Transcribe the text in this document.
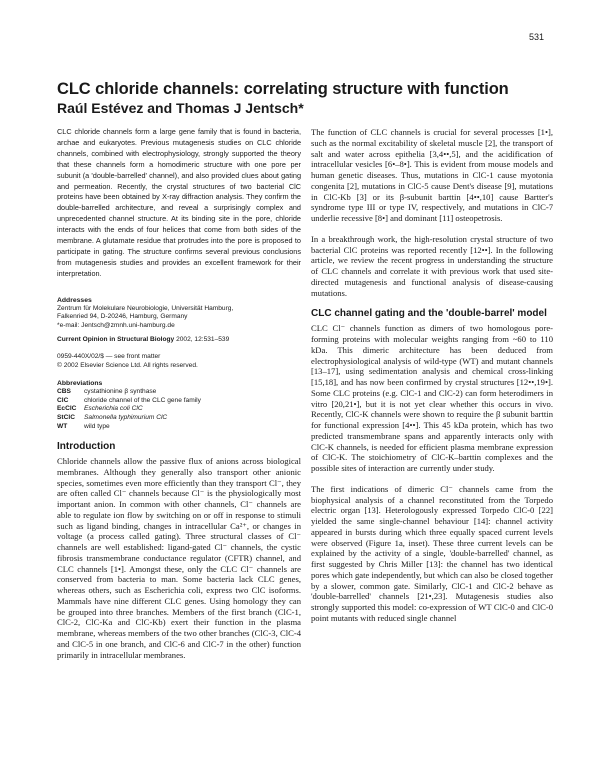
531
CLC chloride channels: correlating structure with function
Raúl Estévez and Thomas J Jentsch*

CLC chloride channels form a large gene family that is found in bacteria, archae and eukaryotes. Previous mutagenesis studies on CLC chloride channels, combined with electrophysiology, strongly supported the theory that these channels form a homodimeric structure with one pore per subunit (a 'double-barrelled' channel), and also provided clues about gating and permeation. Recently, the crystal structures of two bacterial ClC proteins have been obtained by X-ray diffraction analysis. They confirm the double-barrelled architecture, and reveal a surprisingly complex and unprecedented channel structure. At its binding site in the pore, chloride interacts with the ends of four helices that come from both sides of the membrane. A glutamate residue that protrudes into the pore is proposed to participate in gating. The structure confirms several previous conclusions from mutagenesis studies and provides an excellent framework for their interpretation.

Addresses

Zentrum für Molekulare Neurobiologie, Universität Hamburg,

Falkenried 94, D-20246, Hamburg, Germany

*e-mail: Jentsch@zmnh.uni-hamburg.de

Current Opinion in Structural Biology 2002, 12:531–539

0959-440X/02/$ — see front matter

© 2002 Elsevier Science Ltd. All rights reserved.

Abbreviations

CBS	cystathionine β synthase
ClC	chloride channel of the CLC gene family
EcClC	Escherichia coli ClC
StClC	Salmonella typhimurium ClC
WT	wild type

Introduction

Chloride channels allow the passive flux of anions across biological membranes. Although they generally also transport other anionic species, sometimes even more efficiently than they transport Cl⁻, they are often called Cl⁻ channels because Cl⁻ is the physiologically most important anion. In common with other channels, Cl⁻ channels are able to regulate ion flow by switching on or off in response to stimuli such as ligand binding, changes in intracellular Ca²⁺, or changes in voltage (a process called gating). Three structural classes of Cl⁻ channels are well established: ligand-gated Cl⁻ channels, the cystic fibrosis transmembrane conductance regulator (CFTR) channel, and CLC channels [1•]. Amongst these, only the CLC Cl⁻ channels are conserved from bacteria to man. Some bacteria lack CLC genes, whereas others, such as Escherichia coli, express two ClC isoforms. Mammals have nine different CLC genes. Using homology they can be grouped into three branches. Members of the first branch (ClC-1, ClC-2, ClC-Ka and ClC-Kb) exert their function in the plasma membrane, whereas members of the two other branches (ClC-3, ClC-4 and ClC-5 in one branch, and ClC-6 and ClC-7 in the other) function primarily in intracellular membranes.

The function of CLC channels is crucial for several processes [1•], such as the normal excitability of skeletal muscle [2], the transport of salt and water across epithelia [3,4••,5], and the acidification of intracellular vesicles [6•–8•]. This is evident from mouse models and human genetic diseases. Thus, mutations in ClC-1 cause myotonia congenita [2], mutations in ClC-5 cause Dent's disease [9], mutations in ClC-Kb [3] or its β-subunit barttin [4••,10] cause Bartter's syndrome type III or type IV, respectively, and mutations in ClC-7 underlie recessive [8•] and dominant [11] osteopetrosis.

In a breakthrough work, the high-resolution crystal structure of two bacterial ClC proteins was reported recently [12••]. In the following article, we review the recent progress in understanding the structure of CLC channels and correlate it with previous work that used site-directed mutagenesis and functional analysis of disease-causing mutations.

CLC channel gating and the 'double-barrel' model

CLC Cl⁻ channels function as dimers of two homologous pore-forming proteins with molecular weights ranging from ~60 to 110 kDa. This dimeric architecture has been deduced from electrophysiological analysis of wild-type (WT) and mutant channels [13–17], using sedimentation analysis and chemical cross-linking [15,18], and has now been confirmed by crystal structures [12••,19•]. Some CLC proteins (e.g. ClC-1 and ClC-2) can form heterodimers in vitro [20,21•], but it is not yet clear whether this occurs in vivo. Recently, ClC-K channels were shown to require the β subunit barttin for functional expression [4••]. This 45 kDa protein, which has two predicted transmembrane spans and apparently interacts only with ClC-K channels, is needed for efficient plasma membrane expression of ClC-K. The stoichiometry of ClC-K–barttin complexes and the possible sites of interaction are currently under study.

The first indications of dimeric Cl⁻ channels came from the biophysical analysis of a channel reconstituted from the Torpedo electric organ [13]. Heterologously expressed Torpedo ClC-0 [22] yielded the same single-channel behaviour [14]: channel activity appeared in bursts during which three equally spaced current levels were observed (Figure 1a, inset). These three current levels can be explained by the activity of a single, 'double-barrelled' channel, as first suggested by Chris Miller [13]: the channel has two identical pores which gate independently, but which can also be closed together by a slower, common gate. Similarly, ClC-1 and ClC-2 behave as 'double-barrelled' channels [21•,23]. Mutagenesis studies also strongly supported this model: co-expression of WT ClC-0 and ClC-0 point mutants with reduced single channel
